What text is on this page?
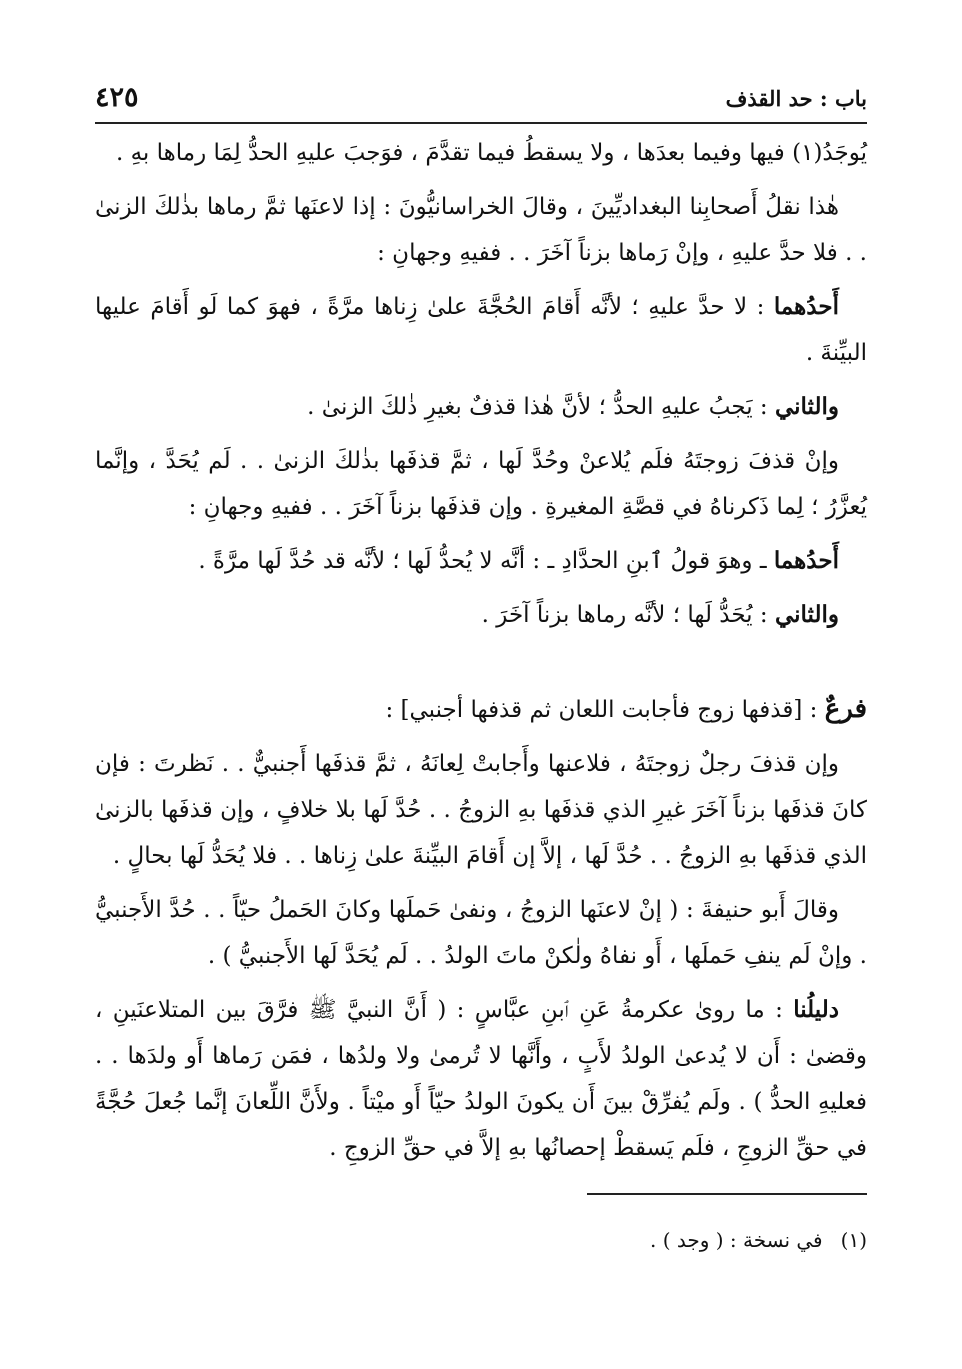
باب : حد القذف
٤٢٥

يُوجَدُ(١) فيها وفيما بعدَها ، ولا يسقطُ فيما تقدَّمَ ، فوَجبَ عليهِ الحدُّ لِمَا رماها بهِ .

هٰذا نقلُ أَصحابِنا البغداديِّينَ ، وقالَ الخراسانيُّونَ : إذا لاعنَها ثمَّ رماها بذٰلكَ الزنىٰ . . فلا حدَّ عليهِ ، وإنْ رَماها بزناً آخَرَ . . ففيهِ وجهانِ :

أَحدُهما : لا حدَّ عليهِ ؛ لأنَّه أَقامَ الحُجَّةَ علىٰ زِناها مرَّةً ، فهوَ كما لَو أَقامَ عليها البيِّنةَ .

والثاني : يَجبُ عليهِ الحدُّ ؛ لأنَّ هٰذا قذفٌ بغيرِ ذٰلكَ الزنىٰ .

وإنْ قذفَ زوجتَهُ فلَم يُلاعنْ وحُدَّ لَها ، ثمَّ قذفَها بذٰلكَ الزنىٰ . . لَم يُحَدَّ ، وإنَّما يُعزَّرُ ؛ لِما ذَكرناهُ في قصَّةِ المغيرةِ . وإن قذفَها بزناً آخَرَ . . ففيهِ وجهانِ :

أَحدُهما ـ وهوَ قولُ ٱبنِ الحدَّادِ ـ : أنَّه لا يُحدُّ لَها ؛ لأنَّه قد حُدَّ لَها مرَّةً .

والثاني : يُحَدُّ لَها ؛ لأنَّه رماها بزناً آخَرَ .

فرعٌ : [قذفها زوج فأجابت اللعان ثم قذفها أجنبي] :

وإن قذفَ رجلٌ زوجتَهُ ، فلاعنها وأَجابتْ لِعانَهُ ، ثمَّ قذفَها أَجنبيٌّ . . نَظرتَ : فإن كانَ قذفَها بزناً آخَرَ غيرِ الذي قذفَها بهِ الزوجُ . . حُدَّ لَها بلا خلافٍ ، وإن قذفَها بالزنىٰ الذي قذفَها بهِ الزوجُ . . حُدَّ لَها ، إلاَّ إن أَقامَ البيِّنةَ علىٰ زِناها . . فلا يُحَدُّ لَها بحالٍ .

وقالَ أَبو حنيفةَ : ( إنْ لاعنَها الزوجُ ، ونفىٰ حَملَها وكانَ الحَملُ حيّاً . . حُدَّ الأَجنبيُّ . وإنْ لَم ينفِ حَملَها ، أَو نفاهُ ولٰكنْ ماتَ الولدُ . . لَم يُحَدَّ لَها الأَجنبيُّ ) .

دليلُنا : ما روىٰ عكرمةُ عَنِ ٱبنِ عبَّاسٍ : ( أَنَّ النبيَّ ﷺ فرَّقَ بين المتلاعنَينِ ، وقضىٰ : أَن لا يُدعىٰ الولدُ لأَبٍ ، وأَنَّها لا تُرمىٰ ولا ولدُها ، فمَن رَماها أَو ولدَها . . فعليهِ الحدُّ ) . ولَم يُفرِّقْ بينَ أَن يكونَ الولدُ حيّاً أَو ميْتاً . ولأَنَّ اللِّعانَ إنَّما جُعلَ حُجَّةً في حقِّ الزوجِ ، فلَم يَسقطْ إحصانُها بهِ إلاَّ في حقِّ الزوجِ .

(١)في نسخة : ( وجد ) .
